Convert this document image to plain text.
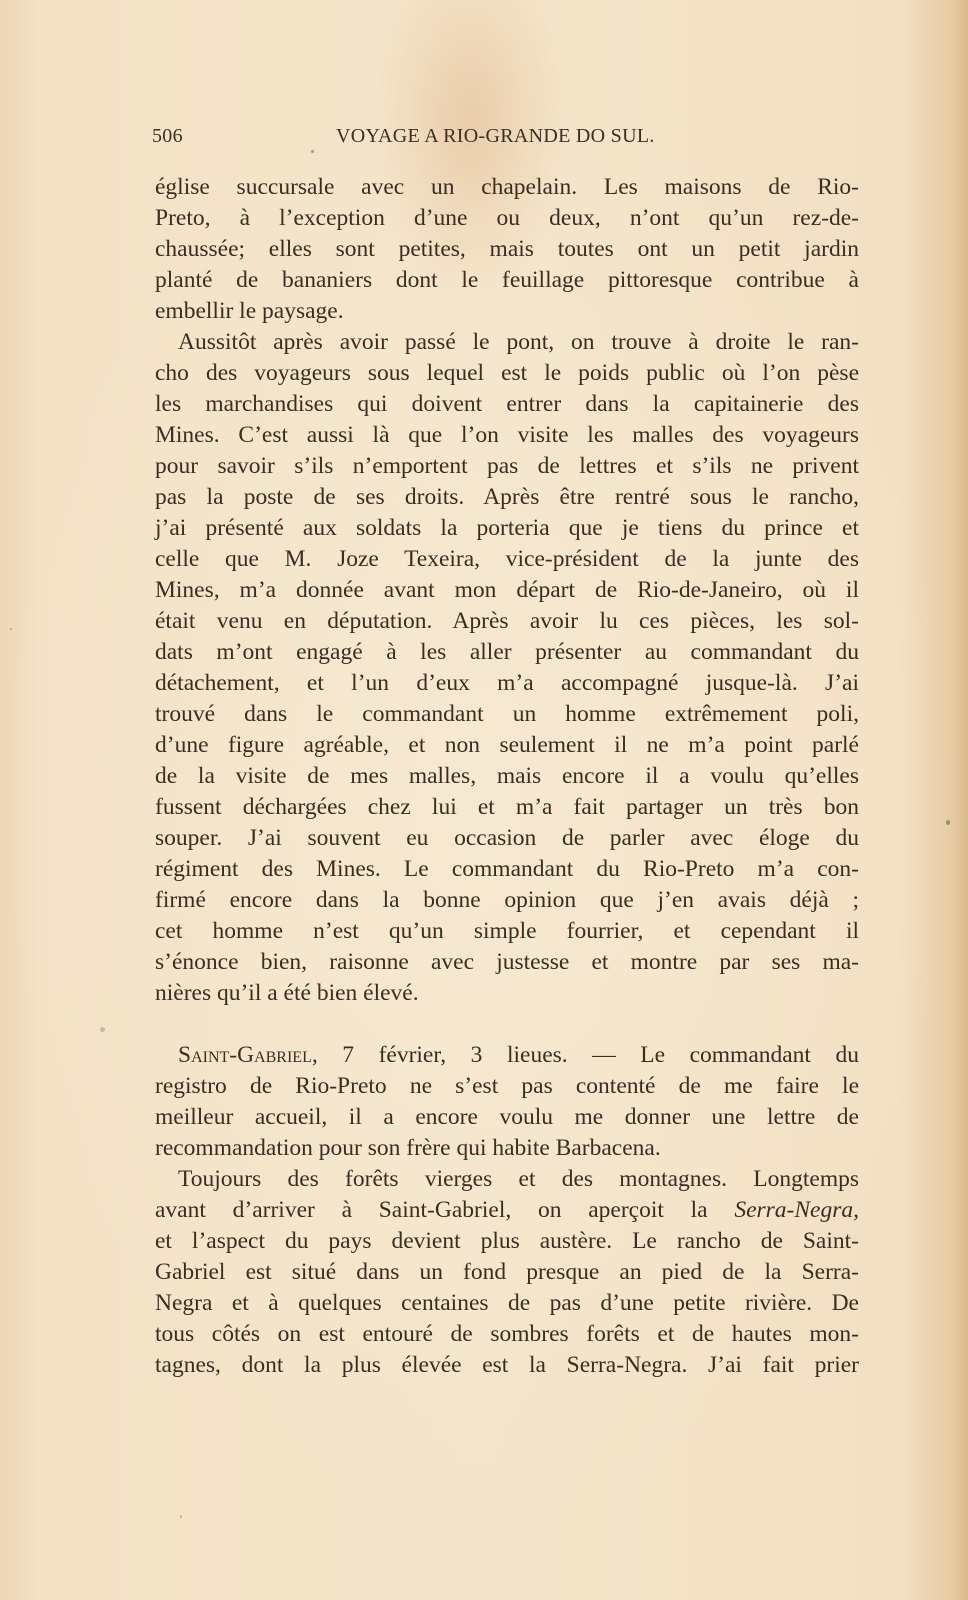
506	VOYAGE A RIO-GRANDE DO SUL.
église succursale avec un chapelain. Les maisons de Rio-
Preto, à l’exception d’une ou deux, n’ont qu’un rez-de-
chaussée; elles sont petites, mais toutes ont un petit jardin
planté de bananiers dont le feuillage pittoresque contribue à
embellir le paysage.
Aussitôt après avoir passé le pont, on trouve à droite le ran-
cho des voyageurs sous lequel est le poids public où l’on pèse
les marchandises qui doivent entrer dans la capitainerie des
Mines. C’est aussi là que l’on visite les malles des voyageurs
pour savoir s’ils n’emportent pas de lettres et s’ils ne privent
pas la poste de ses droits. Après être rentré sous le rancho,
j’ai présenté aux soldats la porteria que je tiens du prince et
celle que M. Joze Texeira, vice-président de la junte des
Mines, m’a donnée avant mon départ de Rio-de-Janeiro, où il
était venu en députation. Après avoir lu ces pièces, les sol-
dats m’ont engagé à les aller présenter au commandant du
détachement, et l’un d’eux m’a accompagné jusque-là. J’ai
trouvé dans le commandant un homme extrêmement poli,
d’une figure agréable, et non seulement il ne m’a point parlé
de la visite de mes malles, mais encore il a voulu qu’elles
fussent déchargées chez lui et m’a fait partager un très bon
souper. J’ai souvent eu occasion de parler avec éloge du
régiment des Mines. Le commandant du Rio-Preto m’a con-
firmé encore dans la bonne opinion que j’en avais déjà ;
cet homme n’est qu’un simple fourrier, et cependant il
s’énonce bien, raisonne avec justesse et montre par ses ma-
nières qu’il a été bien élevé.
Saint-Gabriel, 7 février, 3 lieues. — Le commandant du
registro de Rio-Preto ne s’est pas contenté de me faire le
meilleur accueil, il a encore voulu me donner une lettre de
recommandation pour son frère qui habite Barbacena.
Toujours des forêts vierges et des montagnes. Longtemps
avant d’arriver à Saint-Gabriel, on aperçoit la Serra-Negra,
et l’aspect du pays devient plus austère. Le rancho de Saint-
Gabriel est situé dans un fond presque an pied de la Serra-
Negra et à quelques centaines de pas d’une petite rivière. De
tous côtés on est entouré de sombres forêts et de hautes mon-
tagnes, dont la plus élevée est la Serra-Negra. J’ai fait prier
